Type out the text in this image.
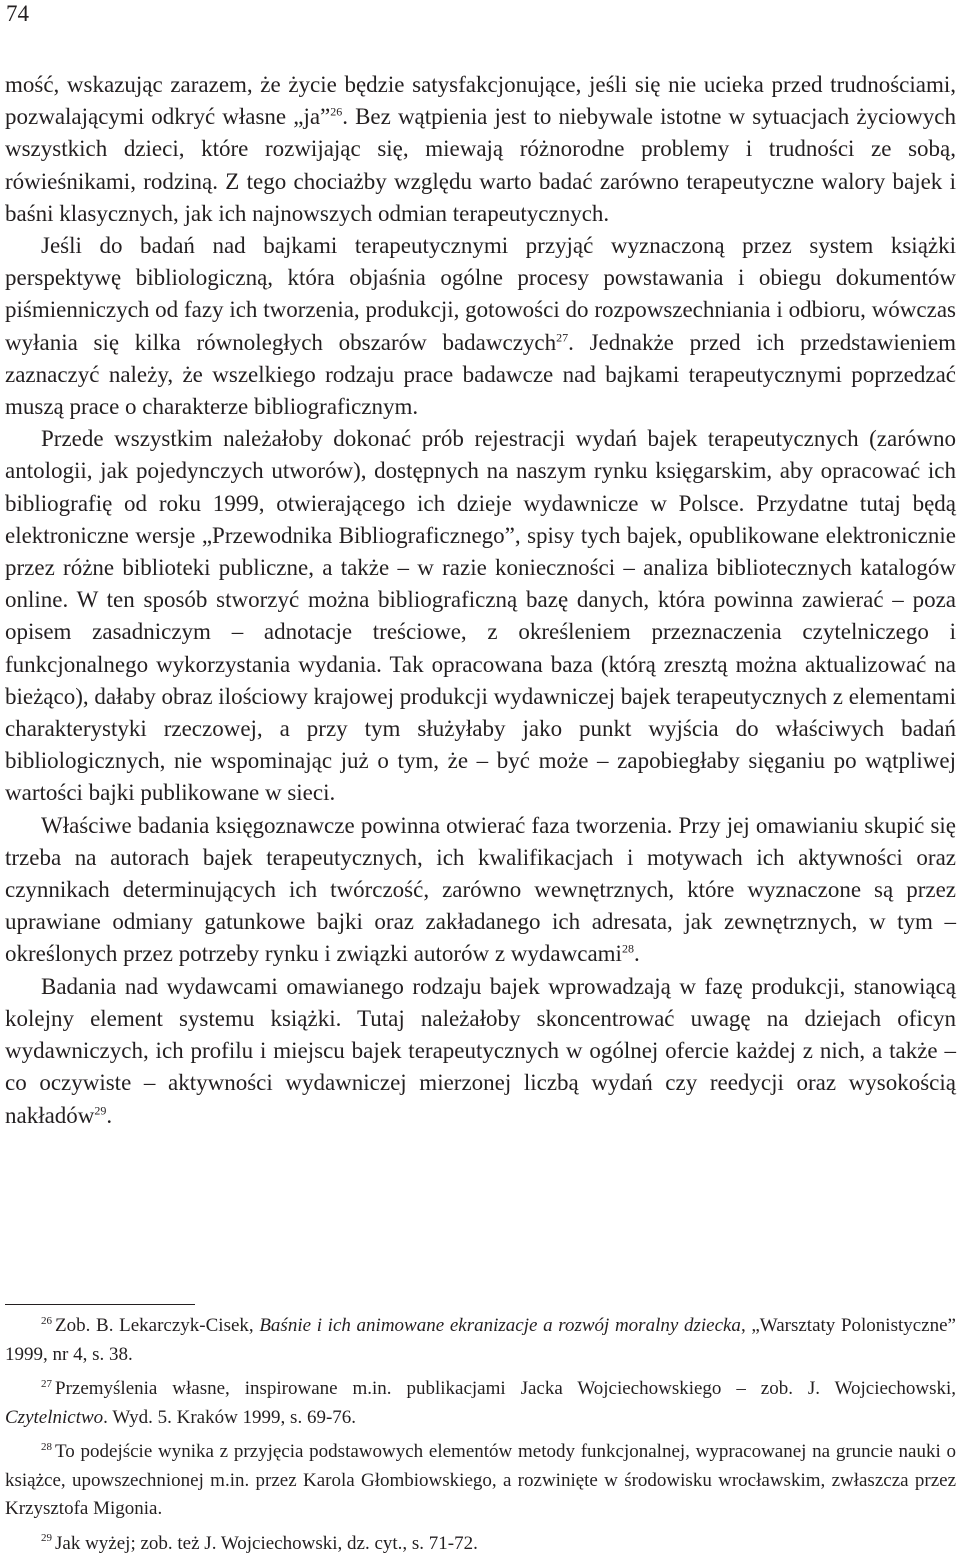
74

mość, wskazując zarazem, że życie będzie satysfakcjonujące, jeśli się nie ucieka przed trudnościami, pozwalającymi odkryć własne „ja”$^{26}$. Bez wątpienia jest to niebywale istotne w sytuacjach życiowych wszystkich dzieci, które rozwijając się, miewają różnorodne problemy i trudności ze sobą, rówieśnikami, rodziną. Z tego chociażby względu warto badać zarówno terapeutyczne walory bajek i baśni klasycznych, jak ich najnowszych odmian terapeutycznych.

Jeśli do badań nad bajkami terapeutycznymi przyjąć wyznaczoną przez system książki perspektywę bibliologiczną, która objaśnia ogólne procesy powstawania i obiegu dokumentów piśmienniczych od fazy ich tworzenia, produkcji, gotowości do rozpowszechniania i odbioru, wówczas wyłania się kilka równoległych obszarów badawczych$^{27}$. Jednakże przed ich przedstawieniem zaznaczyć należy, że wszelkiego rodzaju prace badawcze nad bajkami terapeutycznymi poprzedzać muszą prace o charakterze bibliograficznym.

Przede wszystkim należałoby dokonać prób rejestracji wydań bajek terapeutycznych (zarówno antologii, jak pojedynczych utworów), dostępnych na naszym rynku księgarskim, aby opracować ich bibliografię od roku 1999, otwierającego ich dzieje wydawnicze w Polsce. Przydatne tutaj będą elektroniczne wersje „Przewodnika Bibliograficznego”, spisy tych bajek, opublikowane elektronicznie przez różne biblioteki publiczne, a także – w razie konieczności – analiza bibliotecznych katalogów online. W ten sposób stworzyć można bibliograficzną bazę danych, która powinna zawierać – poza opisem zasadniczym – adnotacje treściowe, z określeniem przeznaczenia czytelniczego i funkcjonalnego wykorzystania wydania. Tak opracowana baza (którą zresztą można aktualizować na bieżąco), dałaby obraz ilościowy krajowej produkcji wydawniczej bajek terapeutycznych z elementami charakterystyki rzeczowej, a przy tym służyłaby jako punkt wyjścia do właściwych badań bibliologicznych, nie wspominając już o tym, że – być może – zapobiegłaby sięganiu po wątpliwej wartości bajki publikowane w sieci.

Właściwe badania księgoznawcze powinna otwierać faza tworzenia. Przy jej omawianiu skupić się trzeba na autorach bajek terapeutycznych, ich kwalifikacjach i motywach ich aktywności oraz czynnikach determinujących ich twórczość, zarówno wewnętrznych, które wyznaczone są przez uprawiane odmiany gatunkowe bajki oraz zakładanego ich adresata, jak zewnętrznych, w tym – określonych przez potrzeby rynku i związki autorów z wydawcami$^{28}$.

Badania nad wydawcami omawianego rodzaju bajek wprowadzają w fazę produkcji, stanowiącą kolejny element systemu książki. Tutaj należałoby skoncentrować uwagę na dziejach oficyn wydawniczych, ich profilu i miejscu bajek terapeutycznych w ogólnej ofercie każdej z nich, a także – co oczywiste – aktywności wydawniczej mierzonej liczbą wydań czy reedycji oraz wysokością nakładów$^{29}$.

$^{26}$ Zob. B. Lekarczyk-Cisek, Baśnie i ich animowane ekranizacje a rozwój moralny dziecka, „Warsztaty Polonistyczne” 1999, nr 4, s. 38.

$^{27}$ Przemyślenia własne, inspirowane m.in. publikacjami Jacka Wojciechowskiego – zob. J. Wojciechowski, Czytelnictwo. Wyd. 5. Kraków 1999, s. 69-76.

$^{28}$ To podejście wynika z przyjęcia podstawowych elementów metody funkcjonalnej, wypracowanej na gruncie nauki o książce, upowszechnionej m.in. przez Karola Głombiowskiego, a rozwinięte w środowisku wrocławskim, zwłaszcza przez Krzysztofa Migonia.

$^{29}$ Jak wyżej; zob. też J. Wojciechowski, dz. cyt., s. 71-72.
